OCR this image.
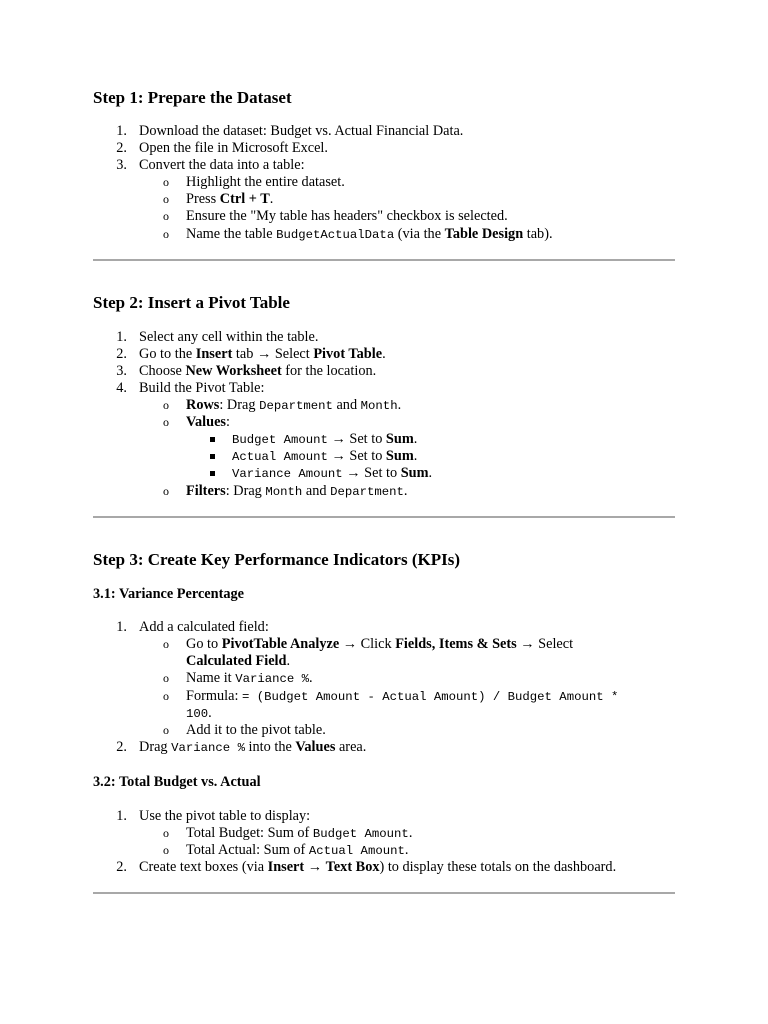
Step 1: Prepare the Dataset
1. Download the dataset: Budget vs. Actual Financial Data.
2. Open the file in Microsoft Excel.
3. Convert the data into a table:
o Highlight the entire dataset.
o Press Ctrl + T.
o Ensure the "My table has headers" checkbox is selected.
o Name the table BudgetActualData (via the Table Design tab).
Step 2: Insert a Pivot Table
1. Select any cell within the table.
2. Go to the Insert tab → Select Pivot Table.
3. Choose New Worksheet for the location.
4. Build the Pivot Table:
o Rows: Drag Department and Month.
o Values:
Budget Amount → Set to Sum.
Actual Amount → Set to Sum.
Variance Amount → Set to Sum.
o Filters: Drag Month and Department.
Step 3: Create Key Performance Indicators (KPIs)
3.1: Variance Percentage
1. Add a calculated field:
o Go to PivotTable Analyze → Click Fields, Items & Sets → Select
Calculated Field.
o Name it Variance %.
o Formula: = (Budget Amount - Actual Amount) / Budget Amount *
100.
o Add it to the pivot table.
2. Drag Variance % into the Values area.
3.2: Total Budget vs. Actual
1. Use the pivot table to display:
o Total Budget: Sum of Budget Amount.
o Total Actual: Sum of Actual Amount.
2. Create text boxes (via Insert → Text Box) to display these totals on the dashboard.
